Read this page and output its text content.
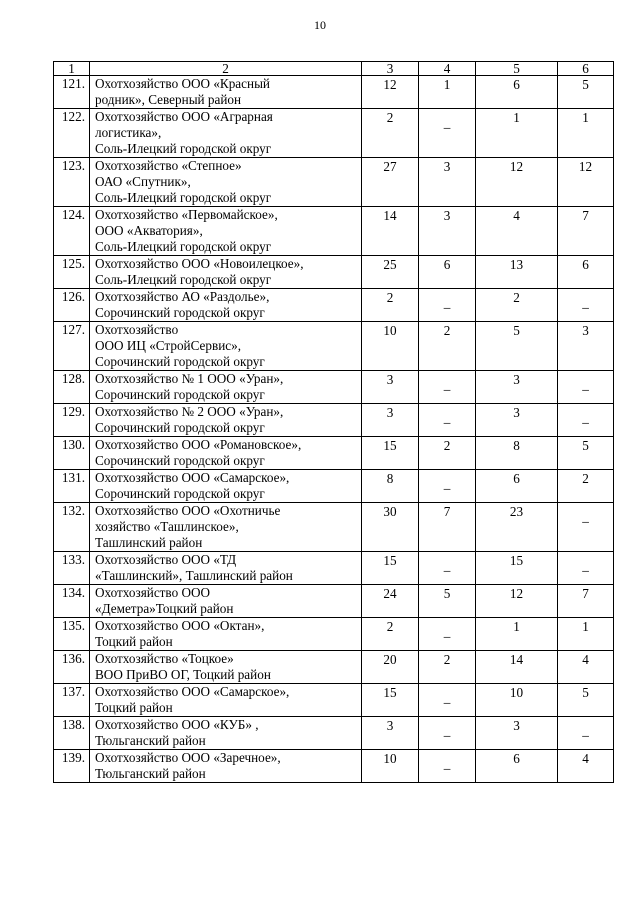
10
1	2	3	4	5	6
121.	Охотхозяйство ООО «Красный
родник», Северный район	12	1	6	5
122.	Охотхозяйство ООО «Аграрная
логистика»,
Соль-Илецкий городской округ	2	_	1	1
123.	Охотхозяйство «Степное»
ОАО «Спутник»,
Соль-Илецкий городской округ	27	3	12	12
124.	Охотхозяйство «Первомайское»,
ООО «Акватория»,
Соль-Илецкий городской округ	14	3	4	7
125.	Охотхозяйство ООО «Новоилецкое»,
Соль-Илецкий городской округ	25	6	13	6
126.	Охотхозяйство АО «Раздолье»,
Сорочинский городской округ	2	_	2	_
127.	Охотхозяйство
ООО ИЦ «СтройСервис»,
Сорочинский городской округ	10	2	5	3
128.	Охотхозяйство № 1 ООО «Уран»,
Сорочинский городской округ	3	_	3	_
129.	Охотхозяйство № 2 ООО «Уран»,
Сорочинский городской округ	3	_	3	_
130.	Охотхозяйство ООО «Романовское»,
Сорочинский городской округ	15	2	8	5
131.	Охотхозяйство ООО «Самарское»,
Сорочинский городской округ	8	_	6	2
132.	Охотхозяйство ООО «Охотничье
хозяйство «Ташлинское»,
Ташлинский район	30	7	23	_
133.	Охотхозяйство ООО «ТД
«Ташлинский», Ташлинский район	15	_	15	_
134.	Охотхозяйство ООО
«Деметра»Тоцкий район	24	5	12	7
135.	Охотхозяйство ООО «Октан»,
Тоцкий район	2	_	1	1
136.	Охотхозяйство «Тоцкое»
ВОО ПриВО ОГ, Тоцкий район	20	2	14	4
137.	Охотхозяйство ООО «Самарское»,
Тоцкий район	15	_	10	5
138.	Охотхозяйство ООО «КУБ» ,
Тюльганский район	3	_	3	_
139.	Охотхозяйство ООО «Заречное»,
Тюльганский район	10	_	6	4
